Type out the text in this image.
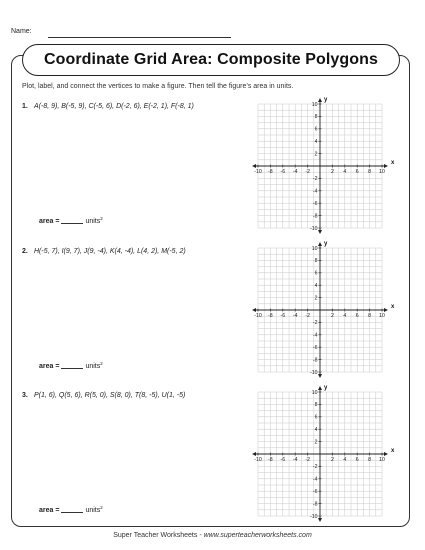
Name:
Coordinate Grid Area: Composite Polygons
Plot, label, and connect the vertices to make a figure. Then tell the figure’s area in units.
1. A(-8, 9), B(-5, 9), C(-5, 6), D(-2, 6), E(-2, 1), F(-8, 1)
-10 -8 -6 -4 -2	2 4 6 8 10
10
8
6
4
2
-2
-4
-6
-8
-10
x
y
area =	units$^2$
2. H(-5, 7), I(9, 7), J(9, -4), K(4, -4), L(4, 2), M(-5, 2)
-10 -8 -6 -4 -2	2 4 6 8 10
10
8
6
4
2
-2
-4
-6
-8
-10
x
y
area =	units$^2$
3. P(1, 6), Q(5, 6), R(5, 0), S(8, 0), T(8, -5), U(1, -5)
-10 -8 -6 -4 -2	2 4 6 8 10
10
8
6
4
2
-2
-4
-6
-8
-10
x
y
area =	units$^2$
Super Teacher Worksheets - www.superteacherworksheets.com
